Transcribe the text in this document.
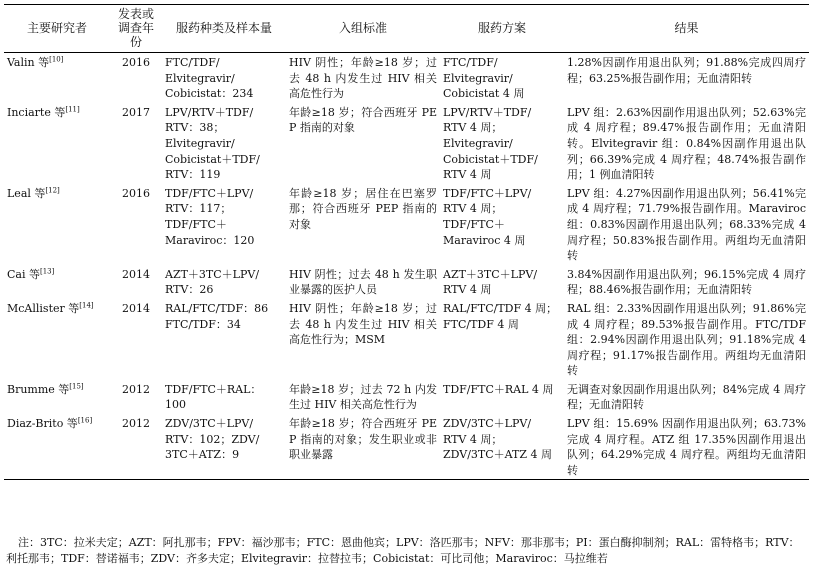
主要研究者	发表或调查年份	服药种类及样本量	入组标准	服药方案	结果
Valin 等[10]	2016	FTC/TDF/
Elvitegravir/
Cobicistat：234	HIV 阴性；年龄≥18 岁；过去 48 h 内发生过 HIV 相关高危性行为	FTC/TDF/
Elvitegravir/
Cobicistat 4 周	1.28%因副作用退出队列；91.88%完成四周疗程；63.25%报告副作用；无血清阳转
Inciarte 等[11]	2017	LPV/RTV＋TDF/
RTV：38；
Elvitegravir/
Cobicistat＋TDF/
RTV：119	年龄≥18 岁；符合西班牙 PEP 指南的对象	LPV/RTV＋TDF/
RTV 4 周；
Elvitegravir/
Cobicistat＋TDF/
RTV 4 周	LPV 组：2.63%因副作用退出队列；52.63%完成 4 周疗程；89.47%报告副作用；无血清阳转。Elvitegravir 组：0.84%因副作用退出队列；66.39%完成 4 周疗程；48.74%报告副作用；1 例血清阳转
Leal 等[12]	2016	TDF/FTC＋LPV/
RTV：117；
TDF/FTC＋
Maraviroc：120	年龄≥18 岁；居住在巴塞罗那；符合西班牙 PEP 指南的对象	TDF/FTC＋LPV/
RTV 4 周；
TDF/FTC＋
Maraviroc 4 周	LPV 组：4.27%因副作用退出队列；56.41%完成 4 周疗程；71.79%报告副作用。Maraviroc 组：0.83%因副作用退出队列；68.33%完成 4 周疗程；50.83%报告副作用。两组均无血清阳转
Cai 等[13]	2014	AZT＋3TC＋LPV/
RTV：26	HIV 阴性；过去 48 h 发生职业暴露的医护人员	AZT＋3TC＋LPV/
RTV 4 周	3.84%因副作用退出队列；96.15%完成 4 周疗程；88.46%报告副作用；无血清阳转
McAllister 等[14]	2014	RAL/FTC/TDF：86
FTC/TDF：34	HIV 阴性；年龄≥18 岁；过去 48 h 内发生过 HIV 相关高危性行为；MSM	RAL/FTC/TDF 4 周；
FTC/TDF 4 周	RAL 组：2.33%因副作用退出队列；91.86%完成 4 周疗程；89.53%报告副作用。FTC/TDF 组：2.94%因副作用退出队列；91.18%完成 4 周疗程；91.17%报告副作用。两组均无血清阳转
Brumme 等[15]	2012	TDF/FTC＋RAL：
100	年龄≥18 岁；过去 72 h 内发生过 HIV 相关高危性行为	TDF/FTC＋RAL 4 周	无调查对象因副作用退出队列；84%完成 4 周疗程；无血清阳转
Diaz-Brito 等[16]	2012	ZDV/3TC＋LPV/
RTV：102；ZDV/
3TC＋ATZ：9	年龄≥18 岁；符合西班牙 PEP 指南的对象；发生职业或非职业暴露	ZDV/3TC＋LPV/
RTV 4 周；
ZDV/3TC＋ATZ 4 周	LPV 组：15.69% 因副作用退出队列；63.73%完成 4 周疗程。ATZ 组 17.35%因副作用退出队列；64.29%完成 4 周疗程。两组均无血清阳转
注：3TC：拉米夫定；AZT：阿扎那韦；FPV：福沙那韦；FTC：恩曲他宾；LPV：洛匹那韦；NFV：那非那韦；PI：蛋白酶抑制剂；RAL：雷特格韦；RTV：利托那韦；TDF：替诺福韦；ZDV：齐多夫定；Elvitegravir：拉替拉韦；Cobicistat：可比司他；Maraviroc：马拉维若
